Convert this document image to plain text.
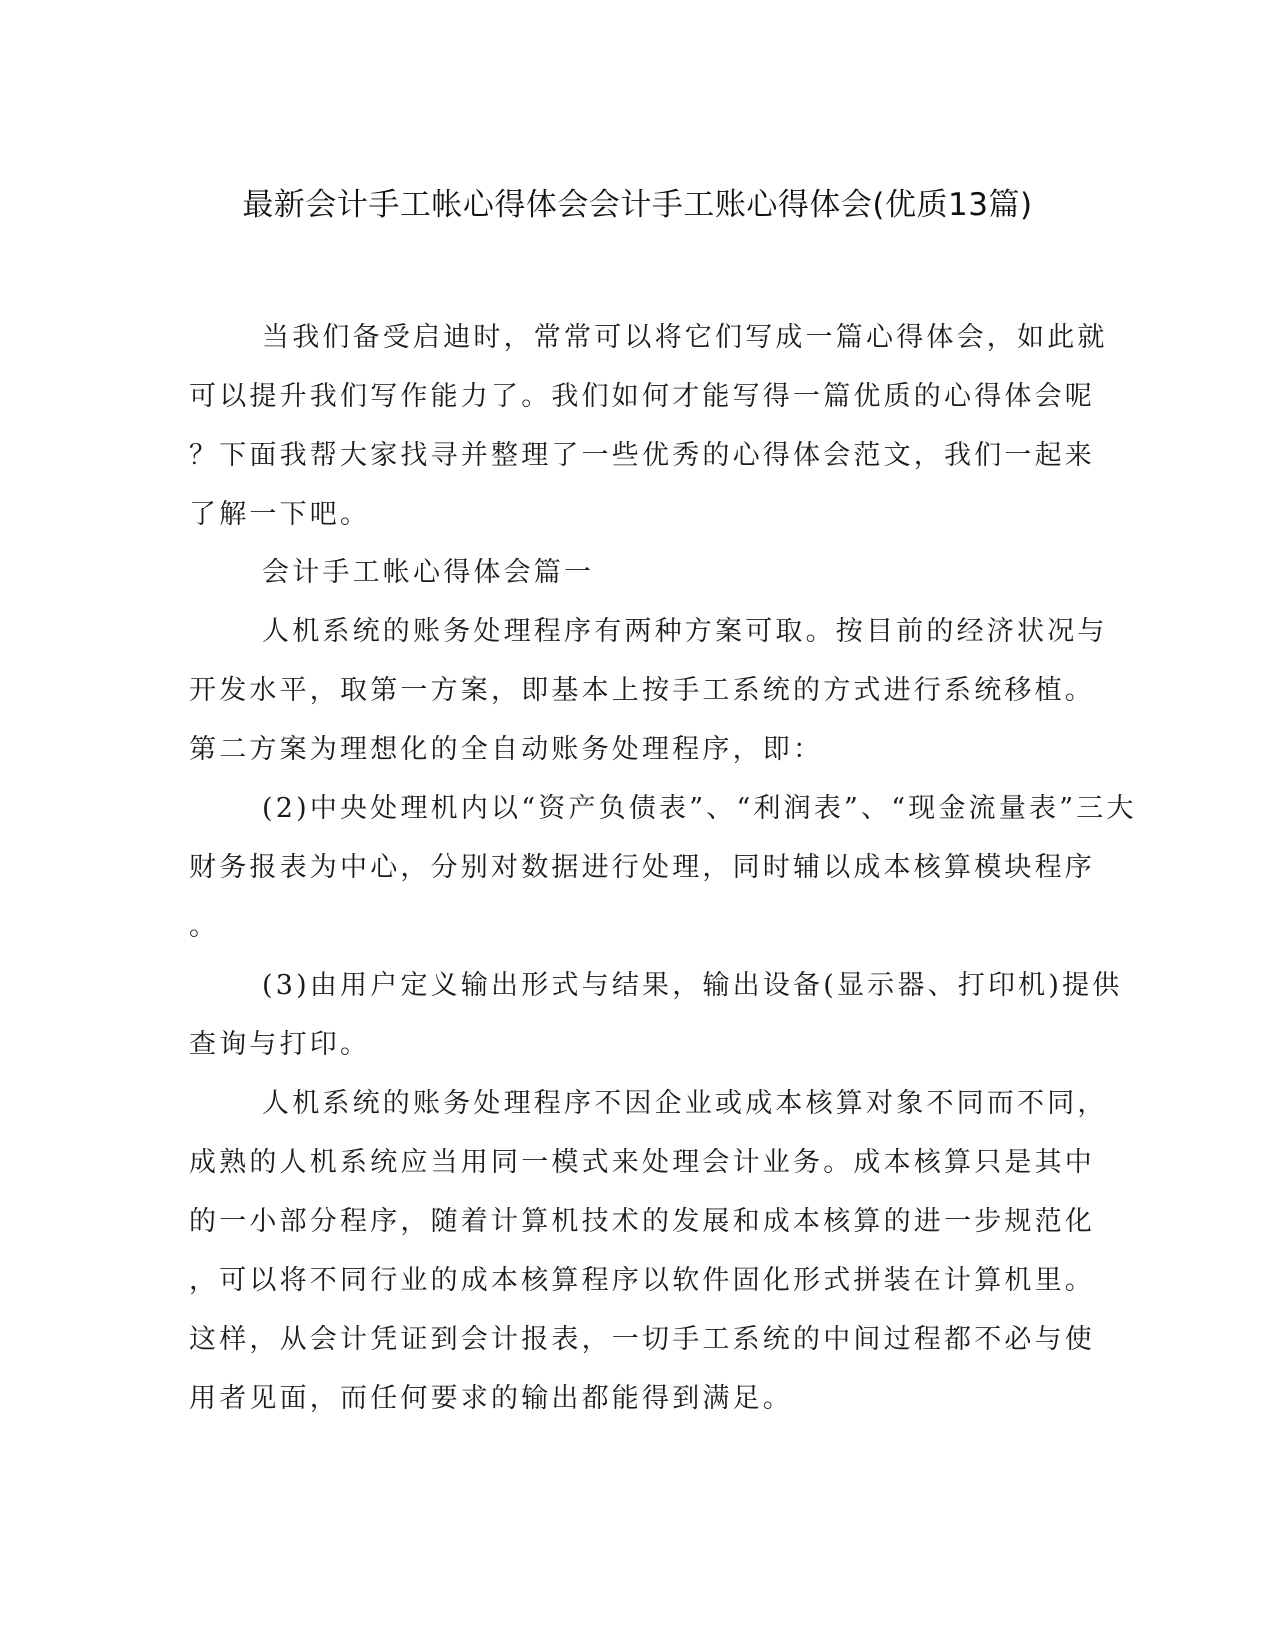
最新会计手工帐心得体会会计手工账心得体会(优质13篇)

当我们备受启迪时，常常可以将它们写成一篇心得体会，如此就

可以提升我们写作能力了。我们如何才能写得一篇优质的心得体会呢

？下面我帮大家找寻并整理了一些优秀的心得体会范文，我们一起来

了解一下吧。

会计手工帐心得体会篇一

人机系统的账务处理程序有两种方案可取。按目前的经济状况与

开发水平，取第一方案，即基本上按手工系统的方式进行系统移植。

第二方案为理想化的全自动账务处理程序，即：

(2)中央处理机内以“资产负债表”、“利润表”、“现金流量表”三大

财务报表为中心，分别对数据进行处理，同时辅以成本核算模块程序

。

(3)由用户定义输出形式与结果，输出设备(显示器、打印机)提供

查询与打印。

人机系统的账务处理程序不因企业或成本核算对象不同而不同，

成熟的人机系统应当用同一模式来处理会计业务。成本核算只是其中

的一小部分程序，随着计算机技术的发展和成本核算的进一步规范化

，可以将不同行业的成本核算程序以软件固化形式拼装在计算机里。

这样，从会计凭证到会计报表，一切手工系统的中间过程都不必与使

用者见面，而任何要求的输出都能得到满足。
